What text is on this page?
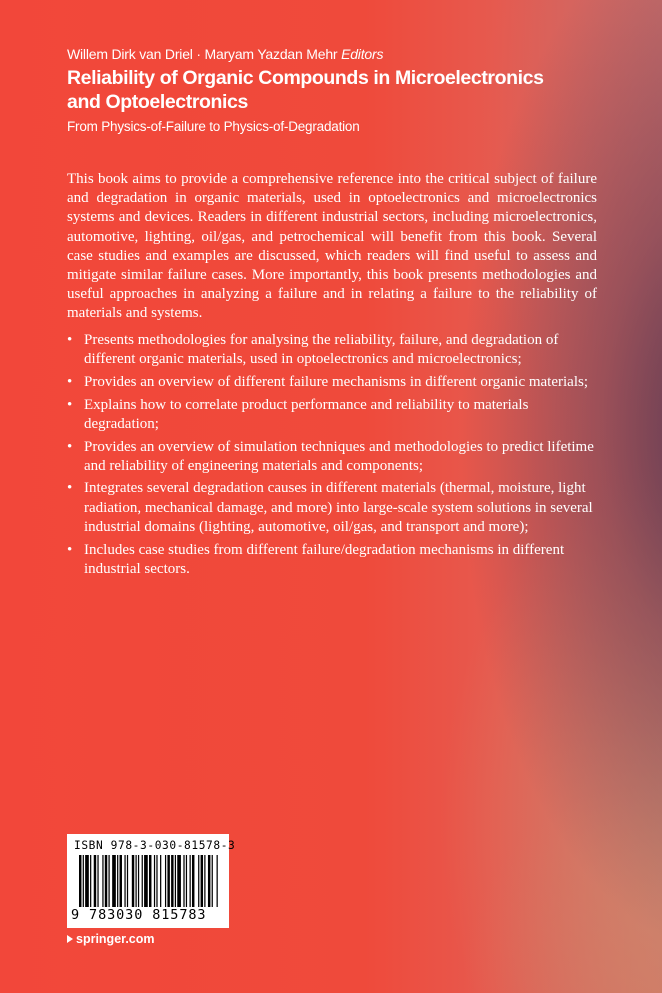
Willem Dirk van Driel · Maryam Yazdan Mehr Editors
Reliability of Organic Compounds in Microelectronics and Optoelectronics
From Physics-of-Failure to Physics-of-Degradation

This book aims to provide a comprehensive reference into the critical subject of failure and degradation in organic materials, used in optoelectronics and microelectronics systems and devices. Readers in different industrial sectors, including microelectronics, automotive, lighting, oil/gas, and petrochemical will benefit from this book. Several case studies and examples are discussed, which readers will find useful to assess and mitigate similar failure cases. More importantly, this book presents methodologies and useful approaches in analyzing a failure and in relating a failure to the reliability of materials and systems.

• Presents methodologies for analysing the reliability, failure, and degradation of different organic materials, used in optoelectronics and microelectronics;
• Provides an overview of different failure mechanisms in different organic materials;
• Explains how to correlate product performance and reliability to materials degradation;
• Provides an overview of simulation techniques and methodologies to predict lifetime and reliability of engineering materials and components;
• Integrates several degradation causes in different materials (thermal, moisture, light radiation, mechanical damage, and more) into large-scale system solutions in several industrial domains (lighting, automotive, oil/gas, and transport and more);
• Includes case studies from different failure/degradation mechanisms in different industrial sectors.
ISBN 978-3-030-81578-3
9 783030 815783
springer.com
